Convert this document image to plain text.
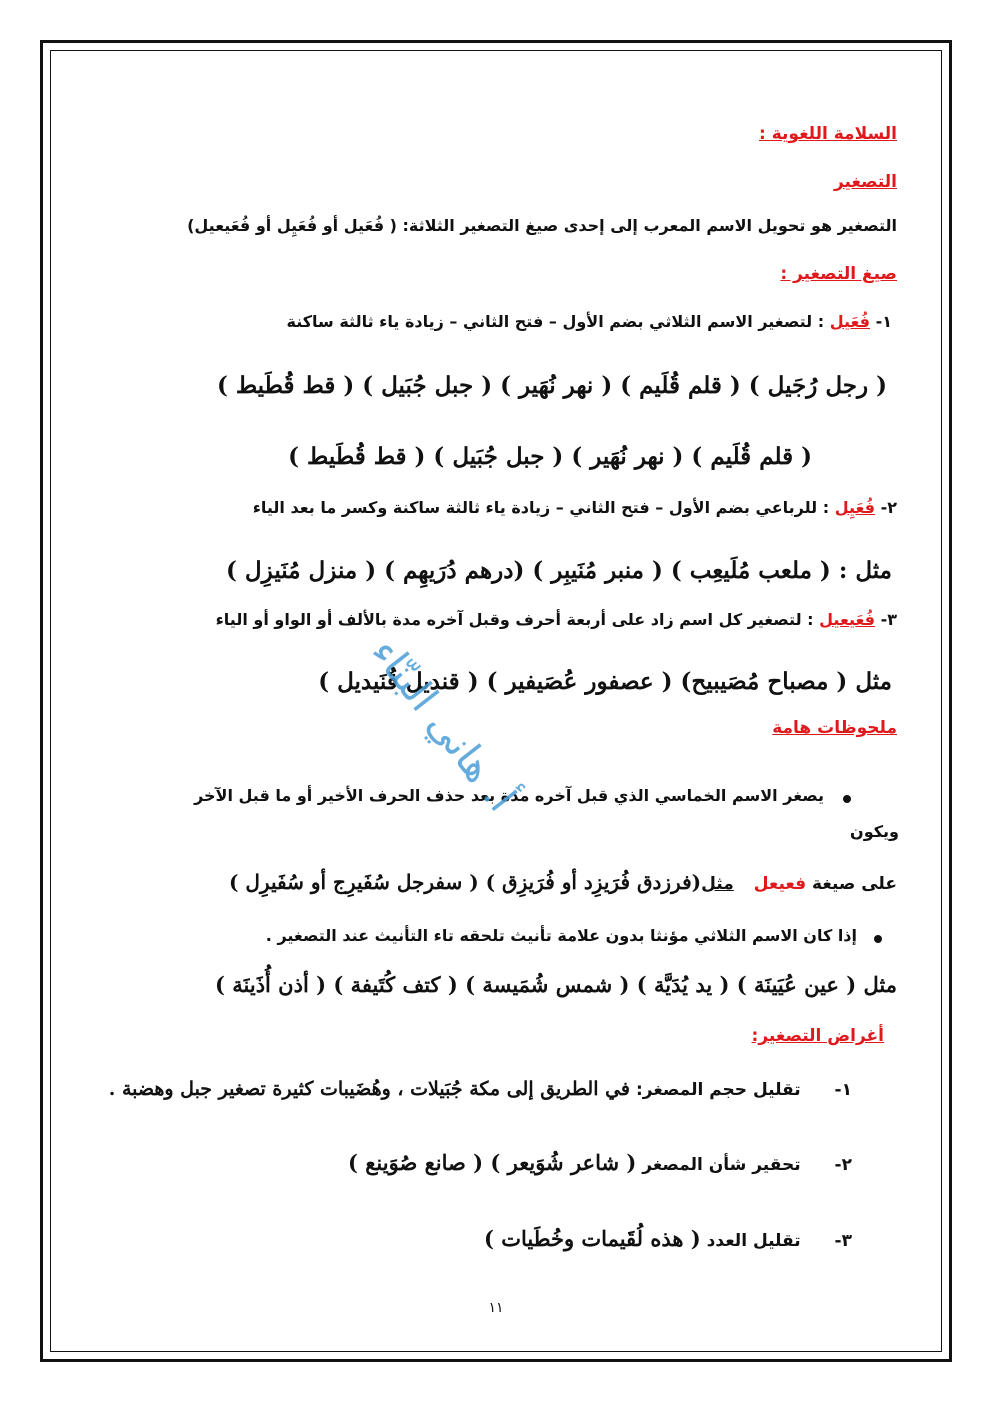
السلامة اللغوية :
التصغير
التصغير هو تحويل الاسم المعرب إلى إحدى صيغ التصغير الثلاثة: ( فُعَيل أو فُعَيِل أو فُعَيعيل)
صيغ التصغير :
١- فُعَيل : لتصغير الاسم الثلاثي بضم الأول – فتح الثاني – زيادة ياء ثالثة ساكنة
( رجل رُجَيل ) ( قلم قُلَيم ) ( نهر نُهَير ) ( جبل جُبَيل ) ( قط قُطَيط )
( قلم قُلَيم ) ( نهر نُهَير ) ( جبل جُبَيل ) ( قط قُطَيط )
٢- فُعَيِل : للرباعي بضم الأول – فتح الثاني – زيادة ياء ثالثة ساكنة وكسر ما بعد الياء
مثل : ( ملعب مُلَيعِب ) ( منبر مُنَيبِر ) (درهم دُرَيهِم ) ( منزل مُنَيزِل )
٣- فُعَيعيل : لتصغير كل اسم زاد على أربعة أحرف وقبل آخره مدة بالألف أو الواو أو الياء
مثل ( مصباح مُصَيبيح) ( عصفور عُصَيفير ) ( قنديل قُنَيديل )
ملحوظات هامة
يصغر الاسم الخماسي الذي قبل آخره مدة بعد حذف الحرف الأخير أو ما قبل الآخر
ويكون
على صيغة فعيعل مثل(فرزدق فُرَيزِد أو فُرَيزِق ) ( سفرجل سُفَيرِج أو سُفَيرِل )
إذا كان الاسم الثلاثي مؤنثا بدون علامة تأنيث تلحقه تاء التأنيث عند التصغير .
مثل ( عين عُيَينَة ) ( يد يُدَيَّة ) ( شمس شُمَيسة ) ( كتف كُتَيفة ) ( أذن أُذَينَة )
أغراض التصغير:
١- تقليل حجم المصغر: في الطريق إلى مكة جُبَيلات ، وهُضَيبات كثيرة تصغير جبل وهضبة .
٢- تحقير شأن المصغر ( شاعر شُوَيعر ) ( صانع صُوَينع )
٣- تقليل العدد ( هذه لُقَيمات وخُطَيات )
أ. هاني البنّاء
١١
